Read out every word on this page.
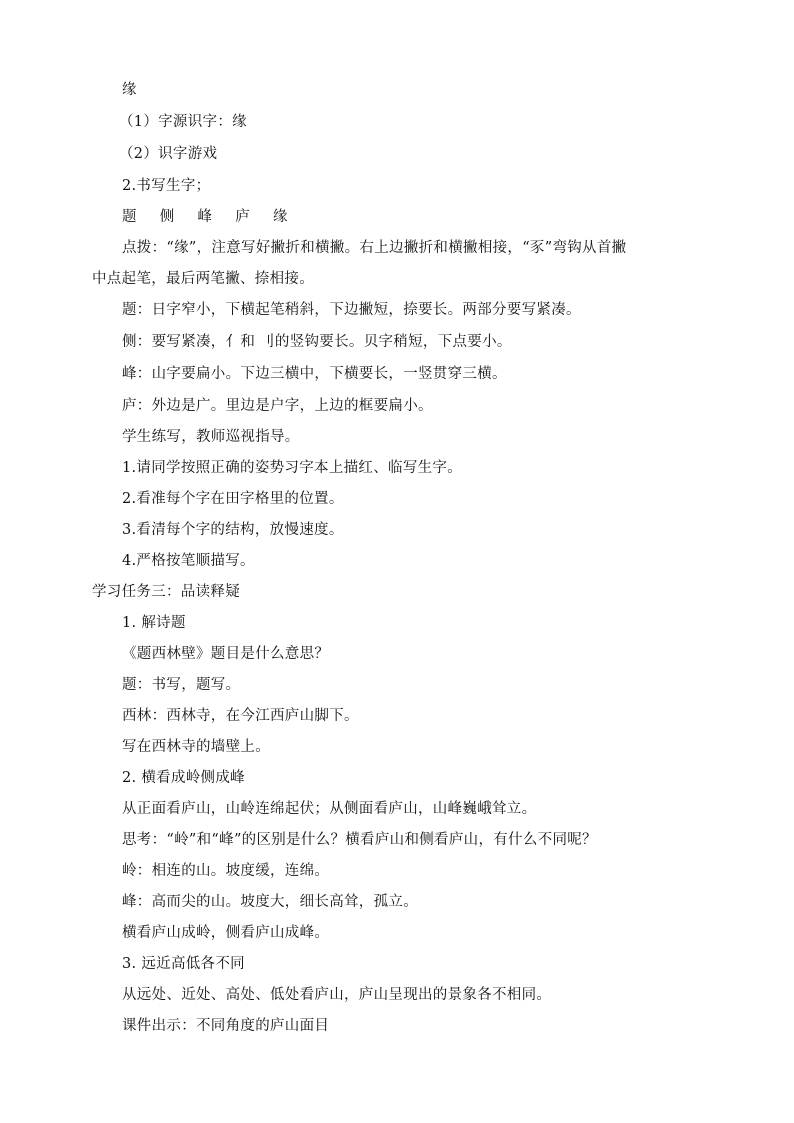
缘
（1）字源识字：缘
（2）识字游戏
2.书写生字；
题 侧 峰 庐 缘
点拨：“缘”，注意写好撇折和横撇。右上边撇折和横撇相接，“豕”弯钩从首撇
中点起笔，最后两笔撇、捺相接。
题：日字窄小，下横起笔稍斜，下边撇短，捺要长。两部分要写紧凑。
侧：要写紧凑，亻和 刂的竖钩要长。贝字稍短，下点要小。
峰：山字要扁小。下边三横中，下横要长，一竖贯穿三横。
庐：外边是广。里边是户字，上边的框要扁小。
学生练写，教师巡视指导。
1.请同学按照正确的姿势习字本上描红、临写生字。
2.看准每个字在田字格里的位置。
3.看清每个字的结构，放慢速度。
4.严格按笔顺描写。
学习任务三：品读释疑
1. 解诗题
《题西林壁》题目是什么意思？
题：书写，题写。
西林：西林寺，在今江西庐山脚下。
写在西林寺的墙壁上。
2. 横看成岭侧成峰
从正面看庐山，山岭连绵起伏；从侧面看庐山，山峰巍峨耸立。
思考：“岭”和“峰”的区别是什么？横看庐山和侧看庐山，有什么不同呢？
岭：相连的山。坡度缓，连绵。
峰：高而尖的山。坡度大，细长高耸，孤立。
横看庐山成岭，侧看庐山成峰。
3. 远近高低各不同
从远处、近处、高处、低处看庐山，庐山呈现出的景象各不相同。
课件出示：不同角度的庐山面目
